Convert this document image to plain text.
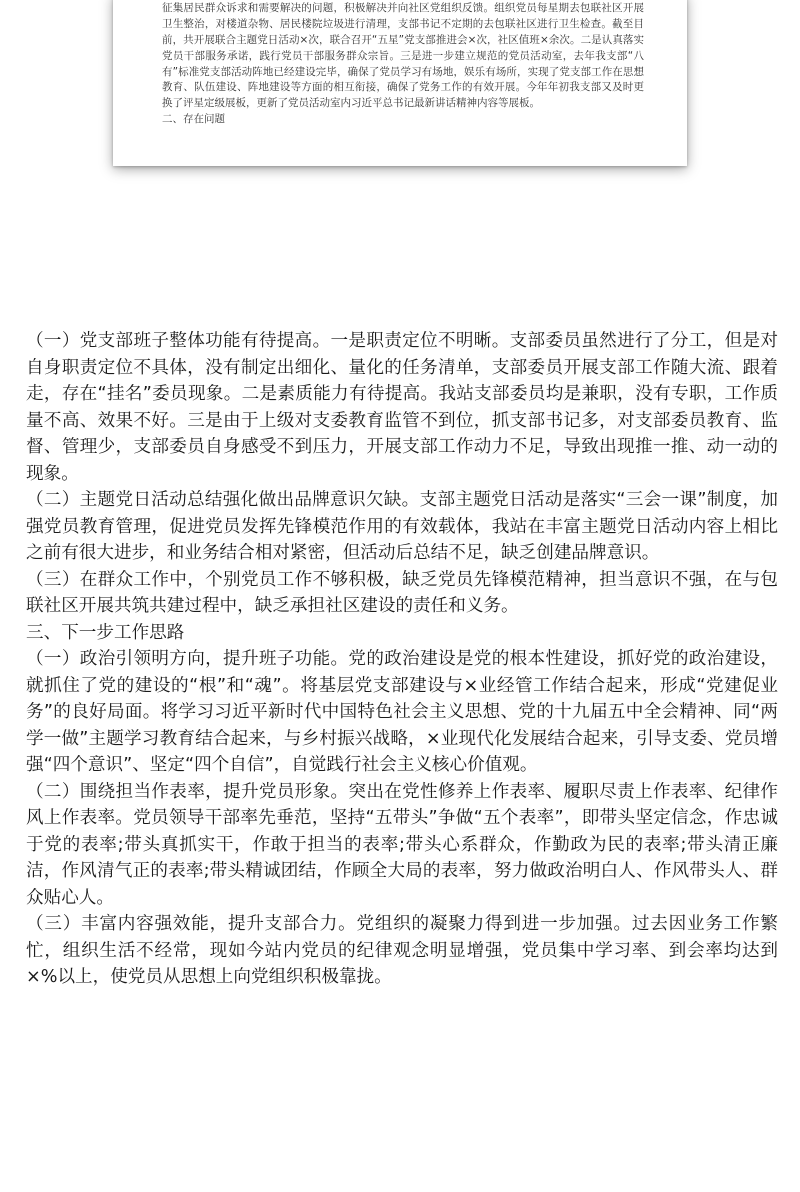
征集居民群众诉求和需要解决的问题，积极解决并向社区党组织反馈。组织党员每星期去包联社区开展卫生整治，对楼道杂物、居民楼院垃圾进行清理，支部书记不定期的去包联社区进行卫生检查。截至目前，共开展联合主题党日活动×次，联合召开“五星”党支部推进会×次，社区值班×余次。二是认真落实党员干部服务承诺，践行党员干部服务群众宗旨。三是进一步建立规范的党员活动室，去年我支部“八有”标准党支部活动阵地已经建设完毕，确保了党员学习有场地，娱乐有场所，实现了党支部工作在思想教育、队伍建设、阵地建设等方面的相互衔接，确保了党务工作的有效开展。今年年初我支部又及时更换了评星定级展板，更新了党员活动室内习近平总书记最新讲话精神内容等展板。

二、存在问题

（一）党支部班子整体功能有待提高。一是职责定位不明晰。支部委员虽然进行了分工，但是对自身职责定位不具体，没有制定出细化、量化的任务清单，支部委员开展支部工作随大流、跟着走，存在“挂名”委员现象。二是素质能力有待提高。我站支部委员均是兼职，没有专职，工作质量不高、效果不好。三是由于上级对支委教育监管不到位，抓支部书记多，对支部委员教育、监督、管理少，支部委员自身感受不到压力，开展支部工作动力不足，导致出现推一推、动一动的现象。

（二）主题党日活动总结强化做出品牌意识欠缺。支部主题党日活动是落实“三会一课”制度，加强党员教育管理，促进党员发挥先锋模范作用的有效载体，我站在丰富主题党日活动内容上相比之前有很大进步，和业务结合相对紧密，但活动后总结不足，缺乏创建品牌意识。

（三）在群众工作中，个别党员工作不够积极，缺乏党员先锋模范精神，担当意识不强，在与包联社区开展共筑共建过程中，缺乏承担社区建设的责任和义务。

三、下一步工作思路

（一）政治引领明方向，提升班子功能。党的政治建设是党的根本性建设，抓好党的政治建设，就抓住了党的建设的“根”和“魂”。将基层党支部建设与×业经管工作结合起来，形成“党建促业务”的良好局面。将学习习近平新时代中国特色社会主义思想、党的十九届五中全会精神、同“两学一做”主题学习教育结合起来，与乡村振兴战略，×业现代化发展结合起来，引导支委、党员增强“四个意识”、坚定“四个自信”，自觉践行社会主义核心价值观。

（二）围绕担当作表率，提升党员形象。突出在党性修养上作表率、履职尽责上作表率、纪律作风上作表率。党员领导干部率先垂范，坚持“五带头”争做“五个表率”，即带头坚定信念，作忠诚于党的表率;带头真抓实干，作敢于担当的表率;带头心系群众，作勤政为民的表率;带头清正廉洁，作风清气正的表率;带头精诚团结，作顾全大局的表率，努力做政治明白人、作风带头人、群众贴心人。

（三）丰富内容强效能，提升支部合力。党组织的凝聚力得到进一步加强。过去因业务工作繁忙，组织生活不经常，现如今站内党员的纪律观念明显增强，党员集中学习率、到会率均达到×%以上，使党员从思想上向党组织积极靠拢。
